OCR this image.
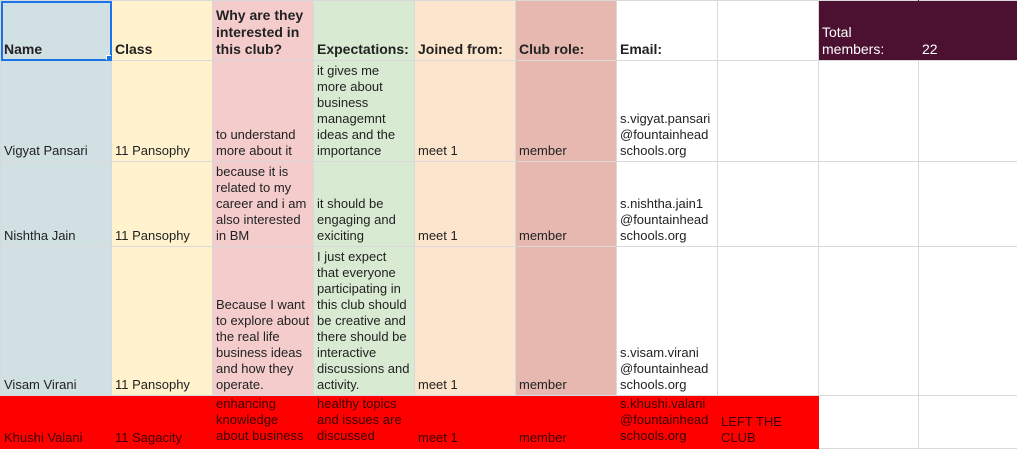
Name	Class	Why are they interested in this club?	Expectations:	Joined from:	Club role:	Email:		Total members:	22
Vigyat Pansari	11 Pansophy	to understand more about it	it gives me more about business managemnt ideas and the importance	meet 1	member	s.vigyat.pansari @fountainhead schools.org			
Nishtha Jain	11 Pansophy	because it is related to my career and i am also interested in BM	it should be engaging and exiciting	meet 1	member	s.nishtha.jain1 @fountainhead schools.org			
Visam Virani	11 Pansophy	Because I want to explore about the real life business ideas and how they operate.	I just expect that everyone participating in this club should be creative and there should be interactive discussions and activity.	meet 1	member	s.visam.virani @fountainhead schools.org			
Khushi Valani	11 Sagacity	enhancing knowledge about business	healthy topics and issues are discussed	meet 1	member	s.khushi.valani @fountainhead schools.org	LEFT THE CLUB		
